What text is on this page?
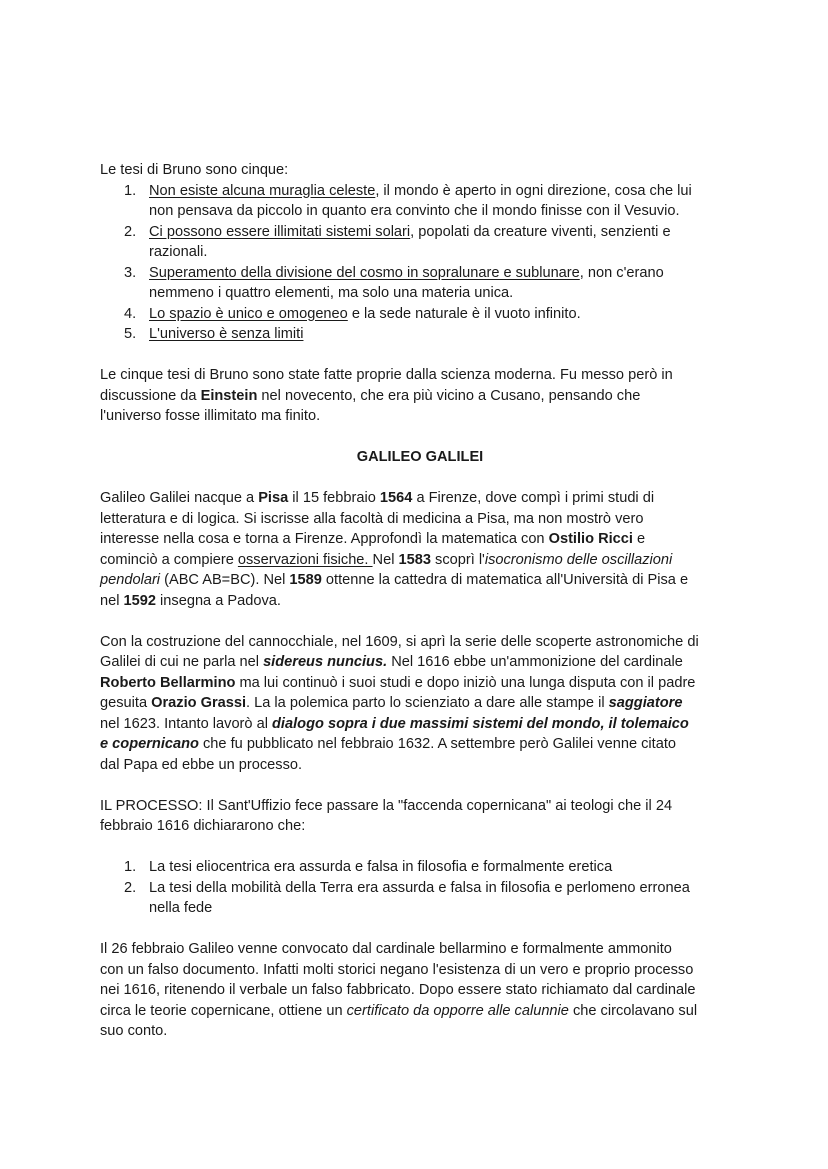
Le tesi di Bruno sono cinque:

1. Non esiste alcuna muraglia celeste, il mondo è aperto in ogni direzione, cosa che lui
non pensava da piccolo in quanto era convinto che il mondo finisse con il Vesuvio.
2. Ci possono essere illimitati sistemi solari, popolati da creature viventi, senzienti e
razionali.
3. Superamento della divisione del cosmo in sopralunare e sublunare, non c'erano
nemmeno i quattro elementi, ma solo una materia unica.
4. Lo spazio è unico e omogeneo e la sede naturale è il vuoto infinito.
5. L'universo è senza limiti

Le cinque tesi di Bruno sono state fatte proprie dalla scienza moderna. Fu messo però in
discussione da Einstein nel novecento, che era più vicino a Cusano, pensando che
l'universo fosse illimitato ma finito.

GALILEO GALILEI

Galileo Galilei nacque a Pisa il 15 febbraio 1564 a Firenze, dove compì i primi studi di
letteratura e di logica. Si iscrisse alla facoltà di medicina a Pisa, ma non mostrò vero
interesse nella cosa e torna a Firenze. Approfondì la matematica con Ostilio Ricci e
cominciò a compiere osservazioni fisiche. Nel 1583 scoprì l'isocronismo delle oscillazioni
pendolari (ABC AB=BC). Nel 1589 ottenne la cattedra di matematica all'Università di Pisa e
nel 1592 insegna a Padova.

Con la costruzione del cannocchiale, nel 1609, si aprì la serie delle scoperte astronomiche di
Galilei di cui ne parla nel sidereus nuncius. Nel 1616 ebbe un'ammonizione del cardinale
Roberto Bellarmino ma lui continuò i suoi studi e dopo iniziò una lunga disputa con il padre
gesuita Orazio Grassi. La la polemica parto lo scienziato a dare alle stampe il saggiatore
nel 1623. Intanto lavorò al dialogo sopra i due massimi sistemi del mondo, il tolemaico
e copernicano che fu pubblicato nel febbraio 1632. A settembre però Galilei venne citato
dal Papa ed ebbe un processo.

IL PROCESSO: Il Sant'Uffizio fece passare la "faccenda copernicana" ai teologi che il 24
febbraio 1616 dichiararono che:

1. La tesi eliocentrica era assurda e falsa in filosofia e formalmente eretica
2. La tesi della mobilità della Terra era assurda e falsa in filosofia e perlomeno erronea
nella fede

Il 26 febbraio Galileo venne convocato dal cardinale bellarmino e formalmente ammonito
con un falso documento. Infatti molti storici negano l'esistenza di un vero e proprio processo
nei 1616, ritenendo il verbale un falso fabbricato. Dopo essere stato richiamato dal cardinale
circa le teorie copernicane, ottiene un certificato da opporre alle calunnie che circolavano sul
suo conto.
